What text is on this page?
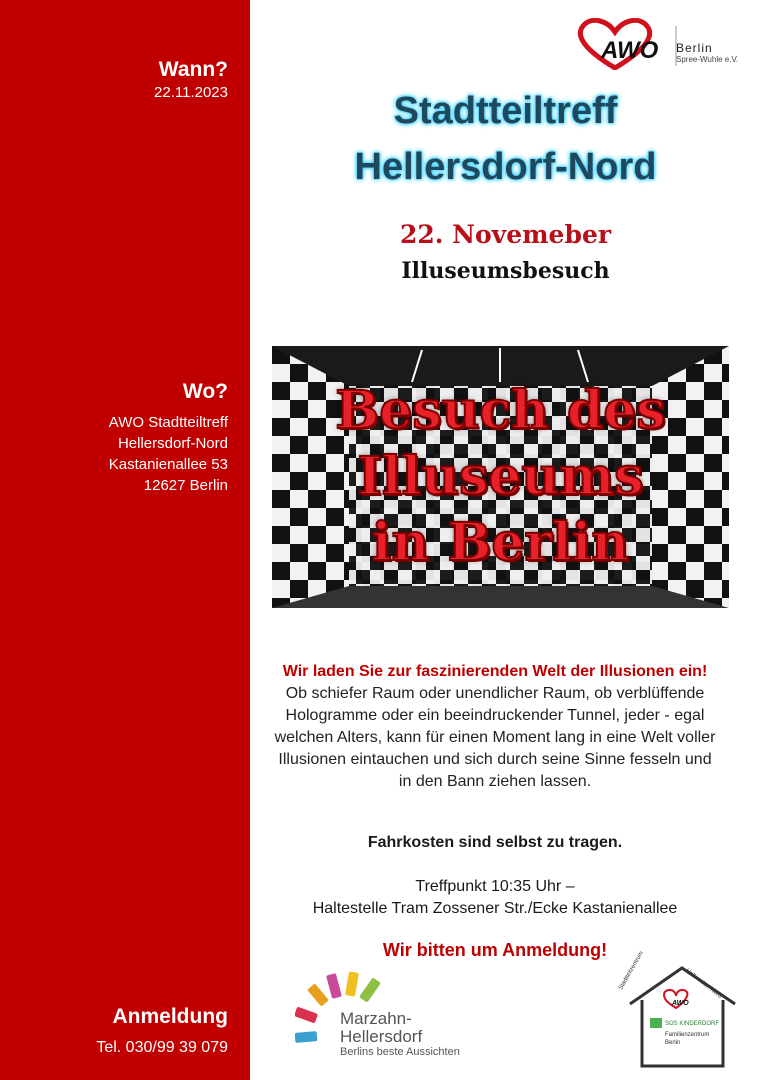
Wann?
22.11.2023
Wo?
AWO Stadtteiltreff
Hellersdorf-Nord
Kastanienallee 53
12627 Berlin
Anmeldung
Tel. 030/99 39 079
AWO Berlin
Spree-Wuhle e.V.
Stadtteiltreff
Hellersdorf-Nord
22. Novemeber
Illuseumsbesuch
Besuch des
Illuseums
in Berlin
Wir laden Sie zur faszinierenden Welt der Illusionen ein! Ob schiefer Raum oder unendlicher Raum, ob verblüffende Hologramme oder ein beeindruckender Tunnel, jeder - egal welchen Alters, kann für einen Moment lang in eine Welt voller Illusionen eintauchen und sich durch seine Sinne fesseln und in den Bann ziehen lassen.
Fahrkosten sind selbst zu tragen.
Treffpunkt 10:35 Uhr –
Haltestelle Tram Zossener Str./Ecke Kastanienallee
Wir bitten um Anmeldung!
Marzahn-
Hellersdorf
Berlins beste Aussichten
AWO
SOS KINDERDORF
Familienzentrum
Berlin
Stadtteilzentrum	Hellersdorf-Nord
